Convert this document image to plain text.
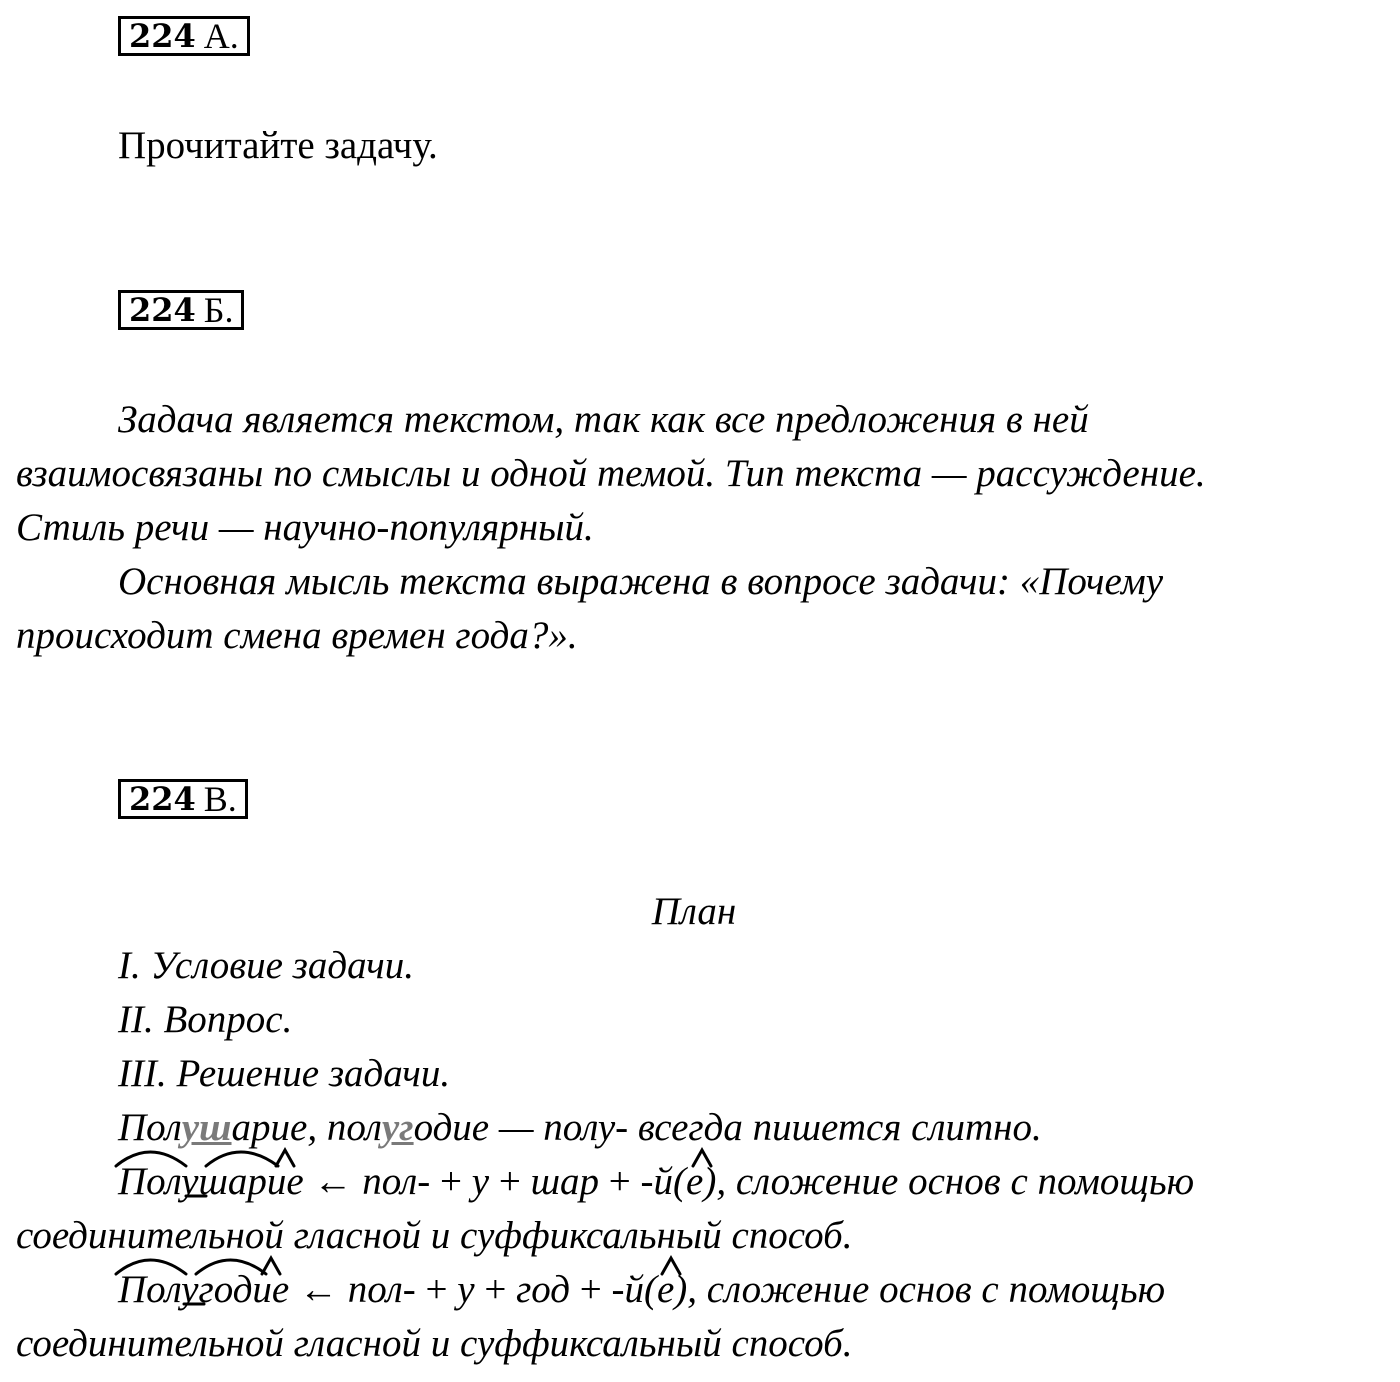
224 А.
Прочитайте задачу.
224 Б.
Задача является текстом, так как все предложения в ней
взаимосвязаны по смыслы и одной темой. Тип текста — рассуждение.
Стиль речи — научно-популярный.
Основная мысль текста выражена в вопросе задачи: «Почему
происходит смена времен года?».
224 В.
План
I. Условие задачи.
II. Вопрос.
III. Решение задачи.
Полушарие, полугодие — полу- всегда пишется слитно.
Полушарие ← пол- + у + шар + -й(е), сложение основ с помощью
соединительной гласной и суффиксальный способ.
Полугодие ← пол- + у + год + -й(е), сложение основ с помощью
соединительной гласной и суффиксальный способ.
